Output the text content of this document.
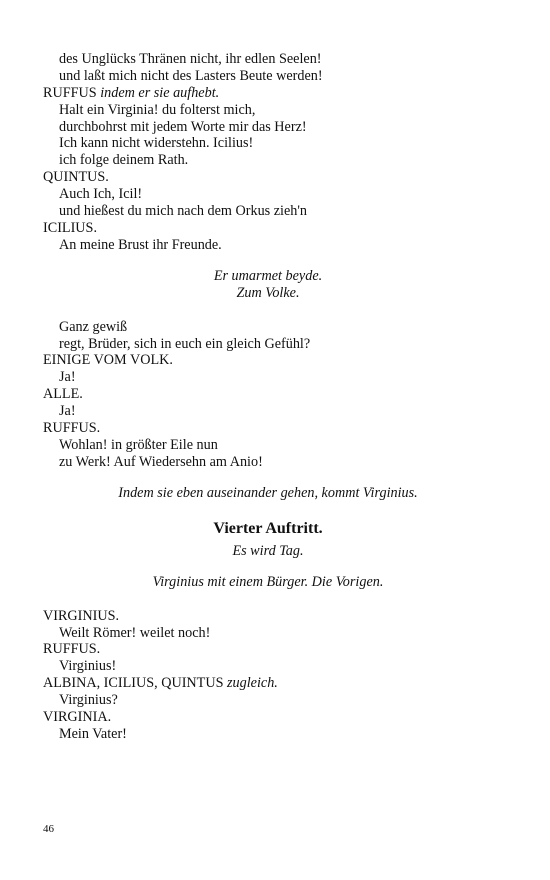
des Unglücks Thränen nicht, ihr edlen Seelen!
und laßt mich nicht des Lasters Beute werden!
RUFFUS indem er sie aufhebt.
Halt ein Virginia! du folterst mich,
durchbohrst mit jedem Worte mir das Herz!
Ich kann nicht widerstehn. Icilius!
ich folge deinem Rath.
QUINTUS.
Auch Ich, Icil!
und hießest du mich nach dem Orkus zieh'n
ICILIUS.
An meine Brust ihr Freunde.
Er umarmet beyde.
Zum Volke.
Ganz gewiß
regt, Brüder, sich in euch ein gleich Gefühl?
EINIGE VOM VOLK.
Ja!
ALLE.
Ja!
RUFFUS.
Wohlan! in größter Eile nun
zu Werk! Auf Wiedersehn am Anio!
Indem sie eben auseinander gehen, kommt Virginius.
Vierter Auftritt.
Es wird Tag.
Virginius mit einem Bürger. Die Vorigen.
VIRGINIUS.
Weilt Römer! weilet noch!
RUFFUS.
Virginius!
ALBINA, ICILIUS, QUINTUS zugleich.
Virginius?
VIRGINIA.
Mein Vater!
46
